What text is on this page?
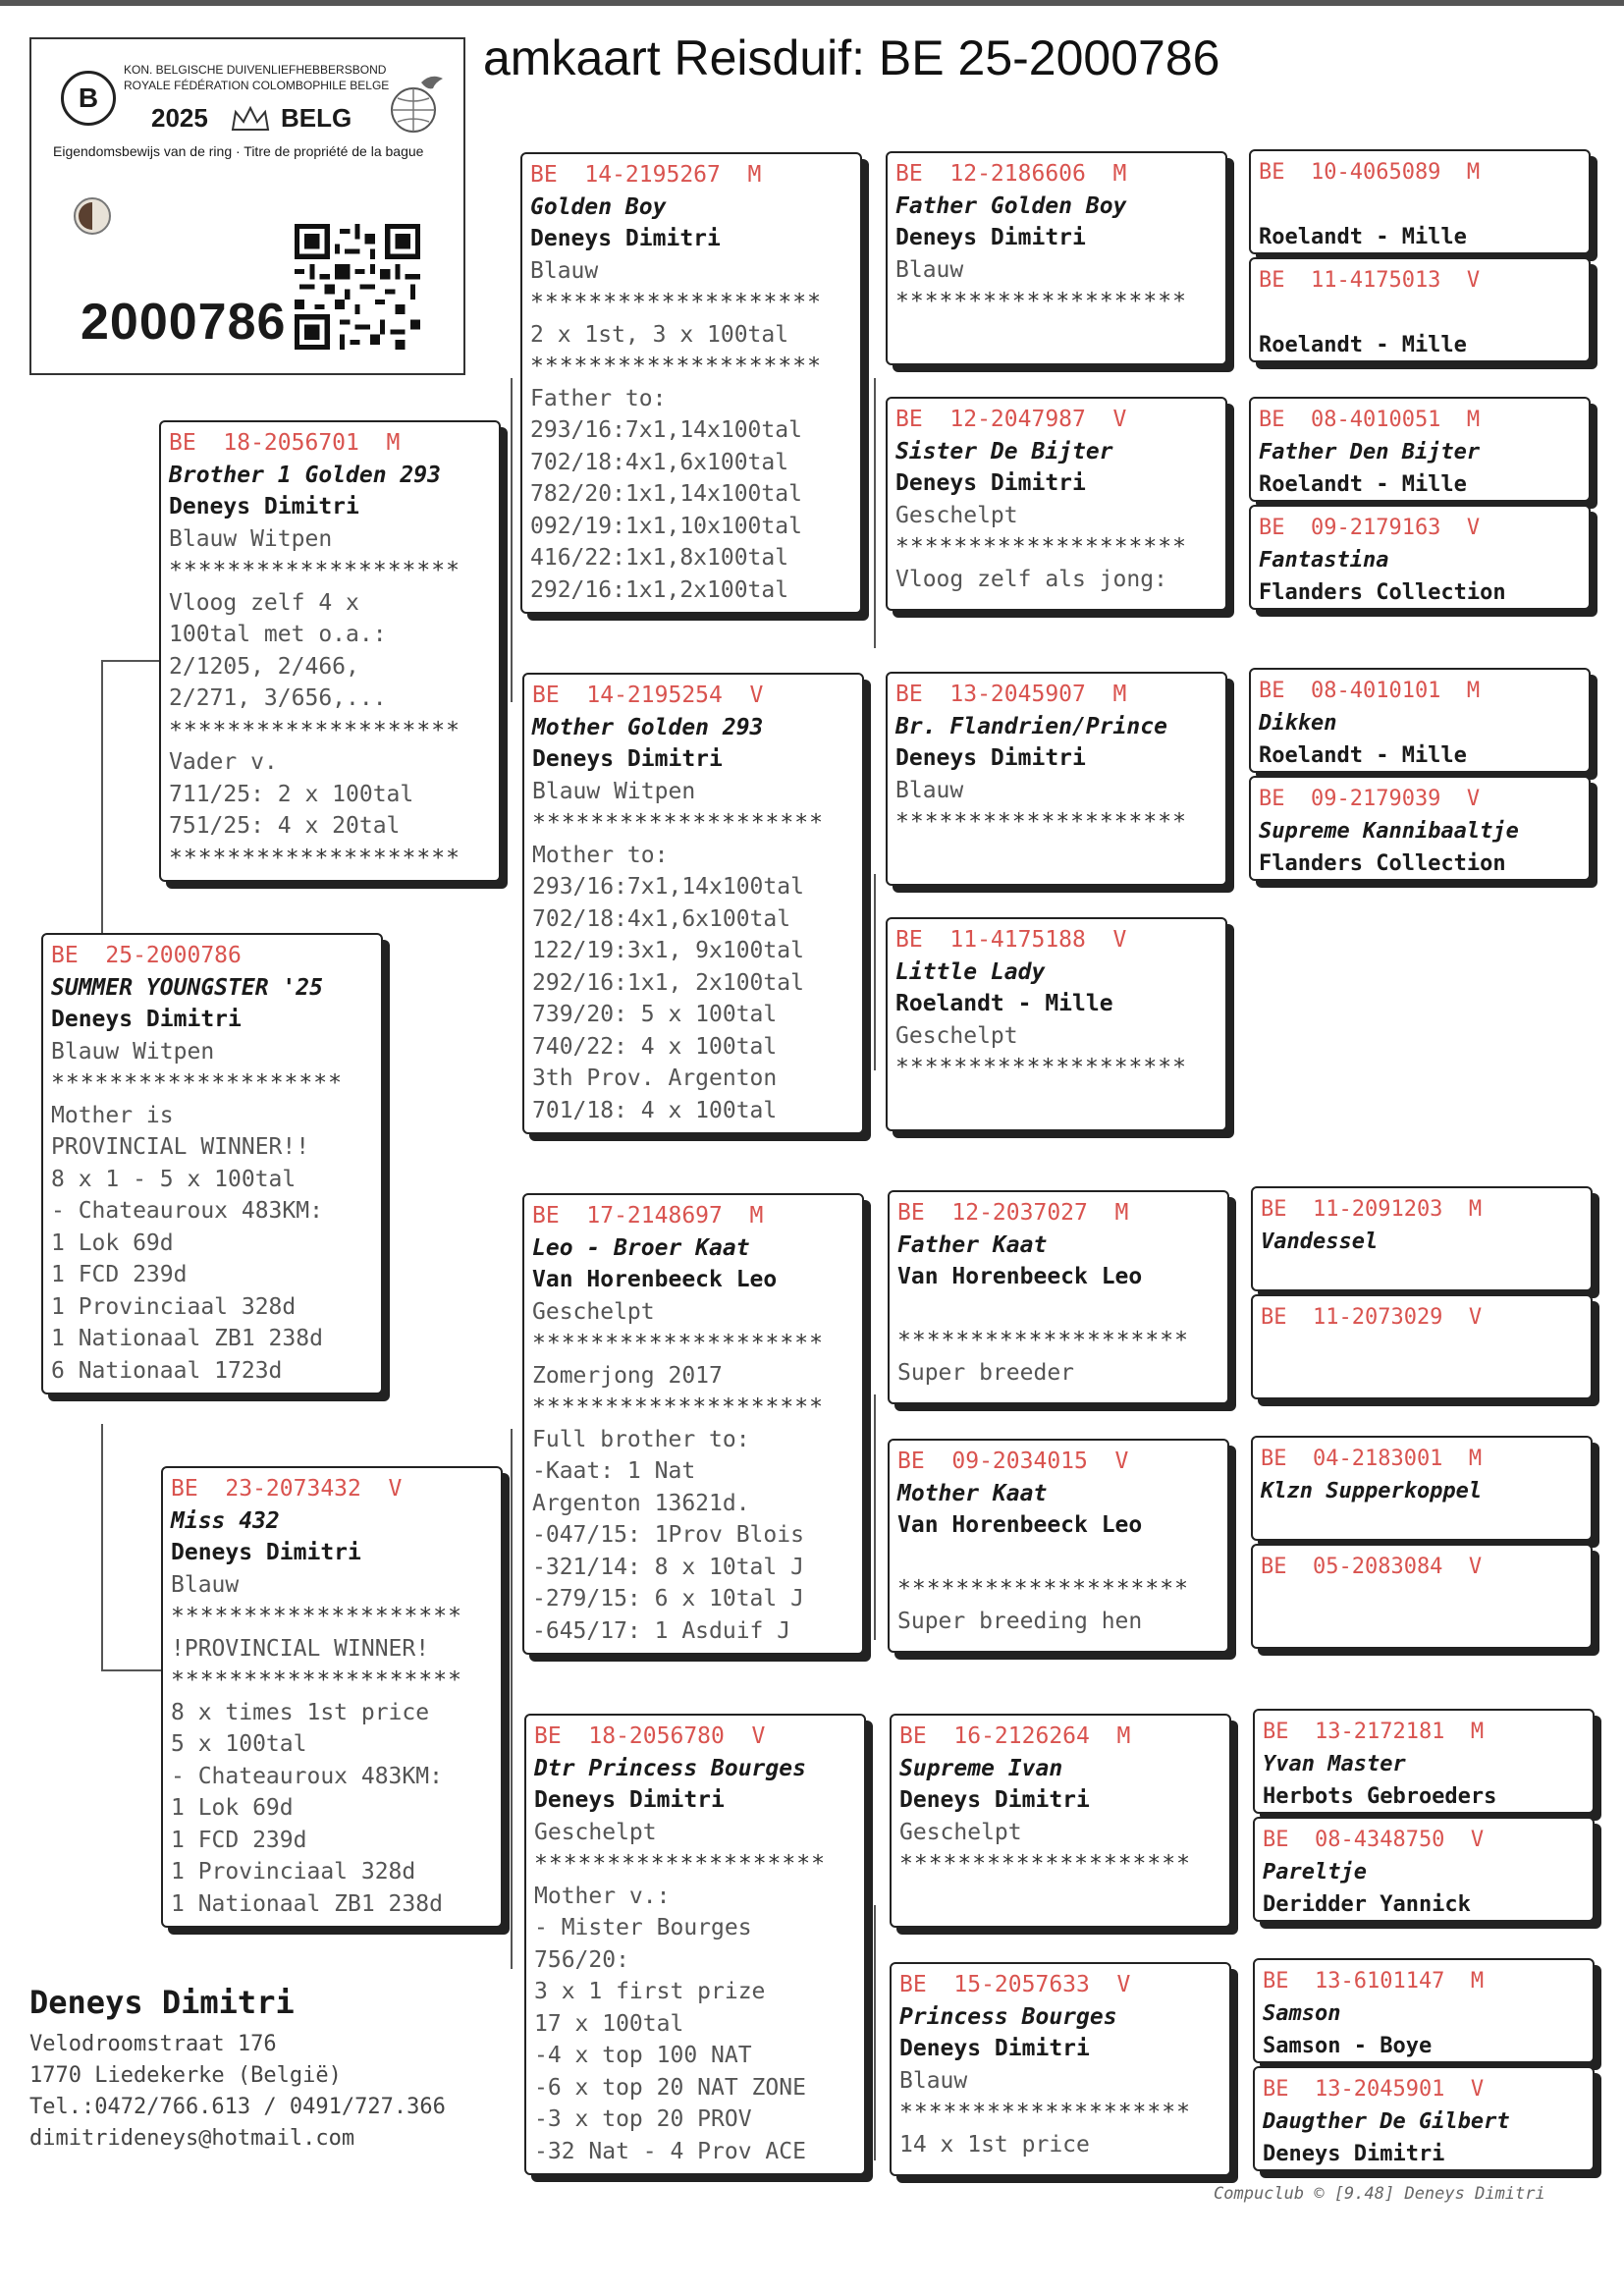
amkaart Reisduif: BE 25-2000786
B
KON. BELGISCHE DUIVENLIEFHEBBERSBOND
ROYALE FÉDÉRATION COLOMBOPHILE BELGE
2025	BELG
Eigendomsbewijs van de ring · Titre de propriété de la bague
2000786
BE  25-2000786
SUMMER YOUNGSTER '25
Deneys Dimitri
Blauw Witpen
********************
Mother is
PROVINCIAL WINNER!!
8 x 1 - 5 x 100tal
- Chateauroux 483KM:
1 Lok 69d
1 FCD 239d
1 Provinciaal 328d
1 Nationaal ZB1 238d
6 Nationaal 1723d
BE  18-2056701  M
Brother 1 Golden 293
Deneys Dimitri
Blauw Witpen
********************
Vloog zelf 4 x
100tal met o.a.:
2/1205, 2/466,
2/271, 3/656,...
********************
Vader v.
711/25: 2 x 100tal
751/25: 4 x 20tal
********************
BE  23-2073432  V
Miss 432
Deneys Dimitri
Blauw
********************
!PROVINCIAL WINNER!
********************
8 x times 1st price
5 x 100tal
- Chateauroux 483KM:
1 Lok 69d
1 FCD 239d
1 Provinciaal 328d
1 Nationaal ZB1 238d
BE  14-2195267  M
Golden Boy
Deneys Dimitri
Blauw
********************
2 x 1st, 3 x 100tal
********************
Father to:
293/16:7x1,14x100tal
702/18:4x1,6x100tal
782/20:1x1,14x100tal
092/19:1x1,10x100tal
416/22:1x1,8x100tal
292/16:1x1,2x100tal
BE  14-2195254  V
Mother Golden 293
Deneys Dimitri
Blauw Witpen
********************
Mother to:
293/16:7x1,14x100tal
702/18:4x1,6x100tal
122/19:3x1, 9x100tal
292/16:1x1, 2x100tal
739/20: 5 x 100tal
740/22: 4 x 100tal
3th Prov. Argenton
701/18: 4 x 100tal
BE  17-2148697  M
Leo - Broer Kaat
Van Horenbeeck Leo
Geschelpt
********************
Zomerjong 2017
********************
Full brother to:
-Kaat: 1 Nat
Argenton 13621d.
-047/15: 1Prov Blois
-321/14: 8 x 10tal J
-279/15: 6 x 10tal J
-645/17: 1 Asduif J
BE  18-2056780  V
Dtr Princess Bourges
Deneys Dimitri
Geschelpt
********************
Mother v.:
- Mister Bourges
756/20:
3 x 1 first prize
17 x 100tal
-4 x top 100 NAT
-6 x top 20 NAT ZONE
-3 x top 20 PROV
-32 Nat - 4 Prov ACE
BE  12-2186606  M
Father Golden Boy
Deneys Dimitri
Blauw
********************
BE  12-2047987  V
Sister De Bijter
Deneys Dimitri
Geschelpt
********************
Vloog zelf als jong:
BE  13-2045907  M
Br. Flandrien/Prince
Deneys Dimitri
Blauw
********************
BE  11-4175188  V
Little Lady
Roelandt - Mille
Geschelpt
********************
BE  12-2037027  M
Father Kaat
Van Horenbeeck Leo

********************
Super breeder
BE  09-2034015  V
Mother Kaat
Van Horenbeeck Leo

********************
Super breeding hen
BE  16-2126264  M
Supreme Ivan
Deneys Dimitri
Geschelpt
********************
BE  15-2057633  V
Princess Bourges
Deneys Dimitri
Blauw
********************
14 x 1st price
BE  10-4065089  M

Roelandt - Mille
BE  11-4175013  V

Roelandt - Mille
BE  08-4010051  M
Father Den Bijter
Roelandt - Mille
BE  09-2179163  V
Fantastina
Flanders Collection
BE  08-4010101  M
Dikken
Roelandt - Mille
BE  09-2179039  V
Supreme Kannibaaltje
Flanders Collection
BE  11-2091203  M
Vandessel
BE  11-2073029  V
BE  04-2183001  M
Klzn Supperkoppel
BE  05-2083084  V
BE  13-2172181  M
Yvan Master
Herbots Gebroeders
BE  08-4348750  V
Pareltje
Deridder Yannick
BE  13-6101147  M
Samson
Samson - Boye
BE  13-2045901  V
Daugther De Gilbert
Deneys Dimitri
Deneys Dimitri
Velodroomstraat 176
1770 Liedekerke (België)
Tel.:0472/766.613 / 0491/727.366
dimitrideneys@hotmail.com
Compuclub © [9.48] Deneys Dimitri
